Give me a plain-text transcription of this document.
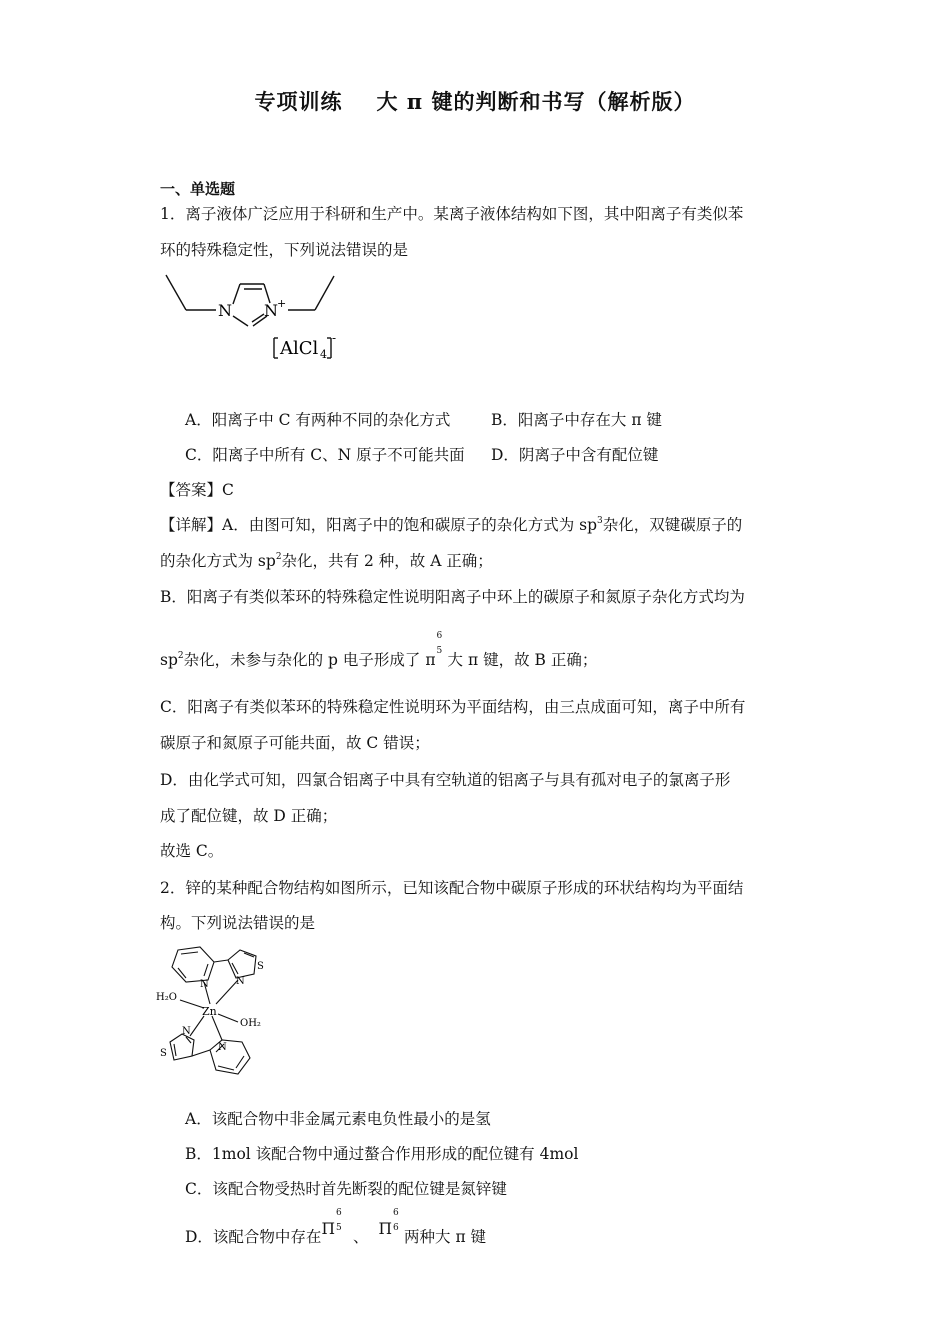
专项训练 大 π 键的判断和书写（解析版）
一、单选题
1．离子液体广泛应用于科研和生产中。某离子液体结构如下图，其中阳离子有类似苯
环的特殊稳定性，下列说法错误的是
N N +
AlCl 4
-
A．阳离子中 C 有两种不同的杂化方式	B．阳离子中存在大 π 键
C．阳离子中所有 C、N 原子不可能共面 D．阴离子中含有配位键
【答案】C
【详解】A．由图可知，阳离子中的饱和碳原子的杂化方式为 $sp^3$杂化，双键碳原子的
的杂化方式为 $sp^2$杂化，共有 2 种，故 A 正确；
B．阳离子有类似苯环的特殊稳定性说明阳离子中环上的碳原子和氮原子杂化方式均为
$sp^2$杂化，未参与杂化的 p 电子形成了 π
6
5 大 π 键，故 B 正确；
C．阳离子有类似苯环的特殊稳定性说明环为平面结构，由三点成面可知，离子中所有
碳原子和氮原子可能共面，故 C 错误；
D．由化学式可知，四氯合铝离子中具有空轨道的铝离子与具有孤对电子的氯离子形
成了配位键，故 D 正确；
故选 C。
2．锌的某种配合物结构如图所示，已知该配合物中碳原子形成的环状结构均为平面结
构。下列说法错误的是
N	N
S
H₂O
Zn
OH₂
N
S
N
A．该配合物中非金属元素电负性最小的是氢
B．1mol 该配合物中通过螯合作用形成的配位键有 4mol
C．该配合物受热时首先断裂的配位键是氮锌键
D．该配合物中存在Π
6
5 、 Π
6
6 两种大 π 键
